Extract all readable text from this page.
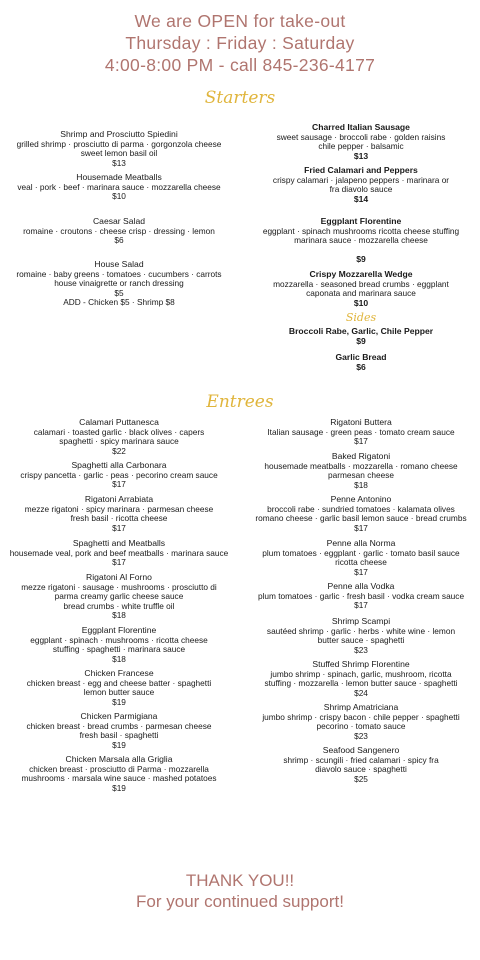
We are OPEN for take-out
Thursday : Friday : Saturday
4:00-8:00 PM - call 845-236-4177
Starters
Shrimp and Prosciutto Spiedini
grilled shrimp · prosciutto di parma · gorgonzola cheese
sweet lemon basil oil
$13
Housemade Meatballs
veal · pork · beef · marinara sauce · mozzarella cheese
$10
Caesar Salad
romaine · croutons · cheese crisp · dressing · lemon
$6
House Salad
romaine · baby greens · tomatoes · cucumbers · carrots
house vinaigrette or ranch dressing
$5
ADD - Chicken $5 · Shrimp $8
Charred Italian Sausage
sweet sausage · broccoli rabe · golden raisins
chile pepper · balsamic
$13
Fried Calamari and Peppers
crispy calamari · jalapeno peppers · marinara or
fra diavolo sauce
$14
Eggplant Florentine
eggplant · spinach mushrooms ricotta cheese stuffing
marinara sauce · mozzarella cheese
$9
Crispy Mozzarella Wedge
mozzarella · seasoned bread crumbs · eggplant
caponata and marinara sauce
$10
Sides
Broccoli Rabe, Garlic, Chile Pepper
$9
Garlic Bread
$6
Entrees
Calamari Puttanesca
calamari · toasted garlic · black olives · capers
spaghetti · spicy marinara sauce
$22
Spaghetti alla Carbonara
crispy pancetta · garlic · peas · pecorino cream sauce
$17
Rigatoni Arrabiata
mezze rigatoni · spicy marinara · parmesan cheese
fresh basil · ricotta cheese
$17
Spaghetti and Meatballs
housemade veal, pork and beef meatballs · marinara sauce
$17
Rigatoni Al Forno
mezze rigatoni · sausage · mushrooms · prosciutto di
parma creamy garlic cheese sauce
bread crumbs · white truffle oil
$18
Eggplant Florentine
eggplant · spinach · mushrooms · ricotta cheese
stuffing · spaghetti · marinara sauce
$18
Chicken Francese
chicken breast · egg and cheese batter · spaghetti
lemon butter sauce
$19
Chicken Parmigiana
chicken breast · bread crumbs · parmesan cheese
fresh basil · spaghetti
$19
Chicken Marsala alla Griglia
chicken breast · prosciutto di Parma · mozzarella
mushrooms · marsala wine sauce · mashed potatoes
$19
Rigatoni Buttera
Italian sausage · green peas · tomato cream sauce
$17
Baked Rigatoni
housemade meatballs · mozzarella · romano cheese
parmesan cheese
$18
Penne Antonino
broccoli rabe · sundried tomatoes · kalamata olives
romano cheese · garlic basil lemon sauce · bread crumbs
$17
Penne alla Norma
plum tomatoes · eggplant · garlic · tomato basil sauce
ricotta cheese
$17
Penne alla Vodka
plum tomatoes · garlic · fresh basil · vodka cream sauce
$17
Shrimp Scampi
sautéed shrimp · garlic · herbs · white wine · lemon
butter sauce · spaghetti
$23
Stuffed Shrimp Florentine
jumbo shrimp · spinach, garlic, mushroom, ricotta
stuffing · mozzarella · lemon butter sauce · spaghetti
$24
Shrimp Amatriciana
jumbo shrimp · crispy bacon · chile pepper · spaghetti
pecorino · tomato sauce
$23
Seafood Sangenero
shrimp · scungili · fried calamari · spicy fra
diavolo sauce · spaghetti
$25
THANK YOU!!
For your continued support!
